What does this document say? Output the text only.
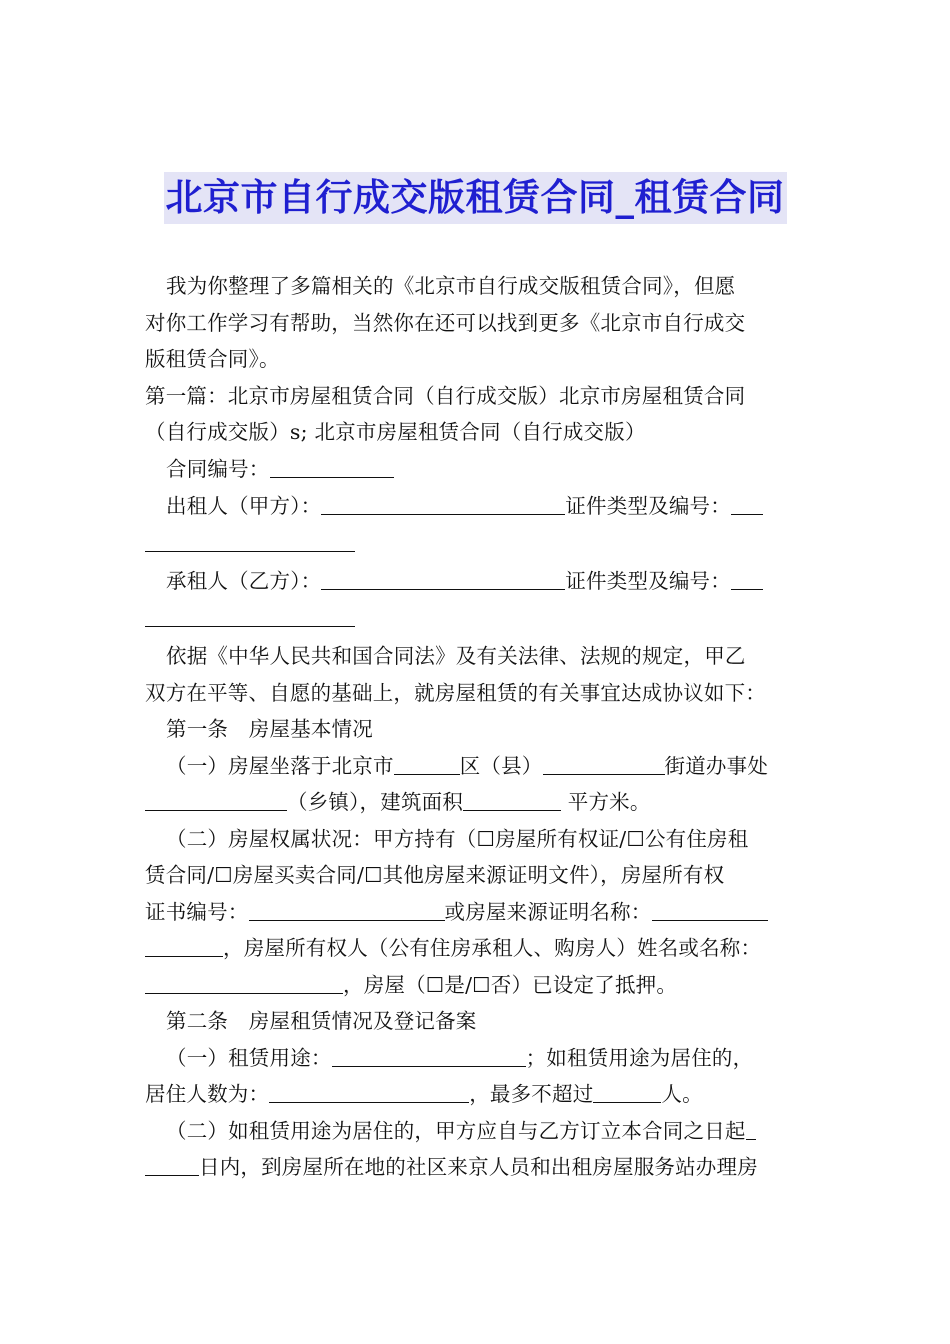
北京市自行成交版租赁合同_租赁合同

我为你整理了多篇相关的《北京市自行成交版租赁合同》，但愿

对你工作学习有帮助，当然你在还可以找到更多《北京市自行成交

版租赁合同》。

第一篇：北京市房屋租赁合同（自行成交版）北京市房屋租赁合同

（自行成交版）s; 北京市房屋租赁合同（自行成交版）

合同编号：

出租人（甲方）：	证件类型及编号：

承租人（乙方）：	证件类型及编号：

依据《中华人民共和国合同法》及有关法律、法规的规定，甲乙

双方在平等、自愿的基础上，就房屋租赁的有关事宜达成协议如下：

第一条　房屋基本情况

（一）房屋坐落于北京市	区（县）	街道办事处

（乡镇），建筑面积	平方米。

（二）房屋权属状况：甲方持有（☐房屋所有权证/☐公有住房租

赁合同/☐房屋买卖合同/☐其他房屋来源证明文件），房屋所有权

证书编号：	或房屋来源证明名称：

，房屋所有权人（公有住房承租人、购房人）姓名或名称：

，房屋（☐是/☐否）已设定了抵押。

第二条　房屋租赁情况及登记备案

（一）租赁用途：	；如租赁用途为居住的，

居住人数为：	，最多不超过	人。

（二）如租赁用途为居住的，甲方应自与乙方订立本合同之日起

日内，到房屋所在地的社区来京人员和出租房屋服务站办理房
